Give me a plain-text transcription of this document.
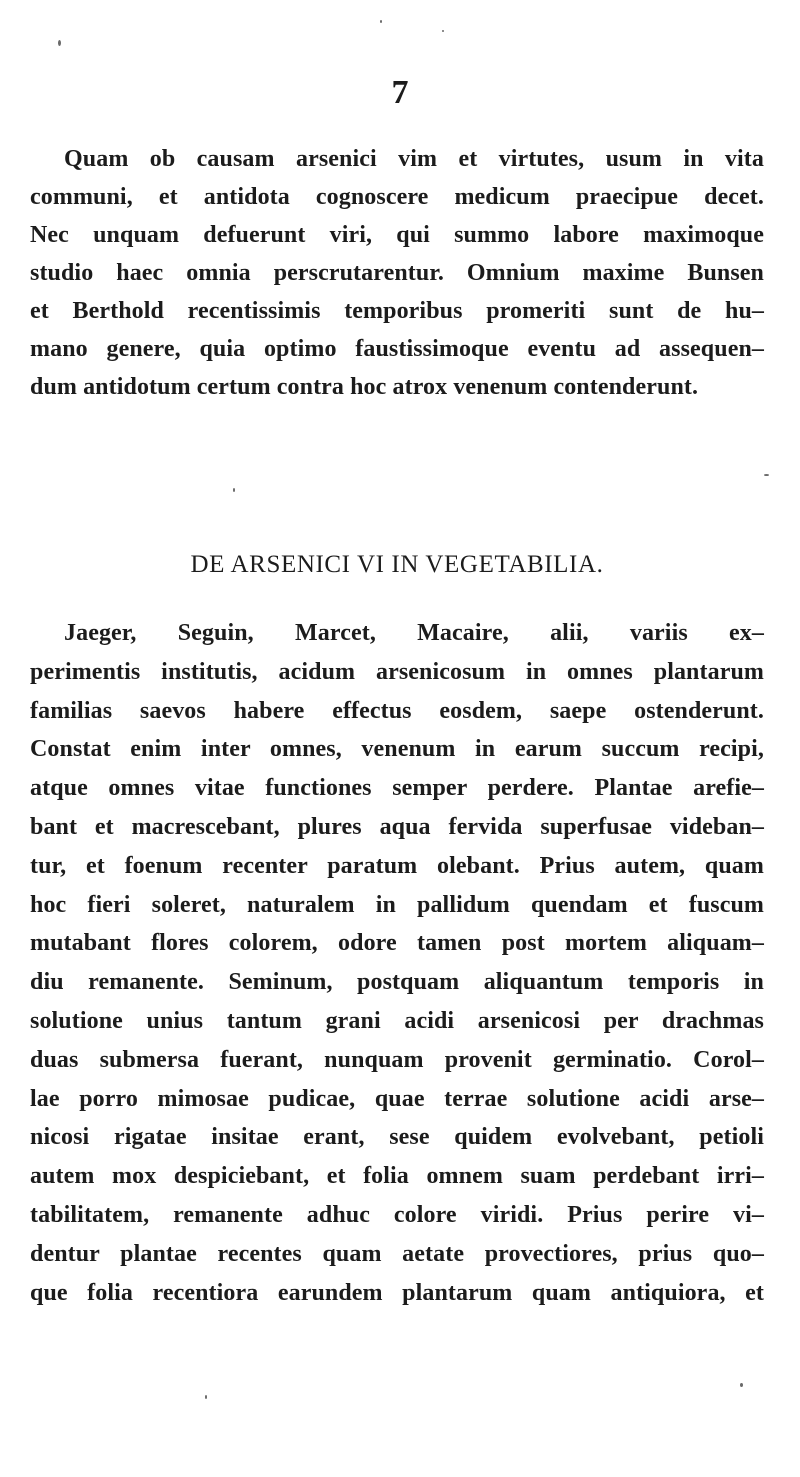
7
Quam ob causam arsenici vim et virtutes, usum in vita
communi, et antidota cognoscere medicum praecipue decet.
Nec unquam defuerunt viri, qui summo labore maximoque
studio haec omnia perscrutarentur. Omnium maxime Bunsen
et Berthold recentissimis temporibus promeriti sunt de hu–
mano genere, quia optimo faustissimoque eventu ad assequen–
dum antidotum certum contra hoc atrox venenum contenderunt.
DE ARSENICI VI IN VEGETABILIA.
Jaeger, Seguin, Marcet, Macaire, alii, variis ex–
perimentis institutis, acidum arsenicosum in omnes plantarum
familias saevos habere effectus eosdem, saepe ostenderunt.
Constat enim inter omnes, venenum in earum succum recipi,
atque omnes vitae functiones semper perdere. Plantae arefie–
bant et macrescebant, plures aqua fervida superfusae videban–
tur, et foenum recenter paratum olebant. Prius autem, quam
hoc fieri soleret, naturalem in pallidum quendam et fuscum
mutabant flores colorem, odore tamen post mortem aliquam–
diu remanente. Seminum, postquam aliquantum temporis in
solutione unius tantum grani acidi arsenicosi per drachmas
duas submersa fuerant, nunquam provenit germinatio. Corol–
lae porro mimosae pudicae, quae terrae solutione acidi arse–
nicosi rigatae insitae erant, sese quidem evolvebant, petioli
autem mox despiciebant, et folia omnem suam perdebant irri–
tabilitatem, remanente adhuc colore viridi. Prius perire vi–
dentur plantae recentes quam aetate provectiores, prius quo–
que folia recentiora earundem plantarum quam antiquiora, et
